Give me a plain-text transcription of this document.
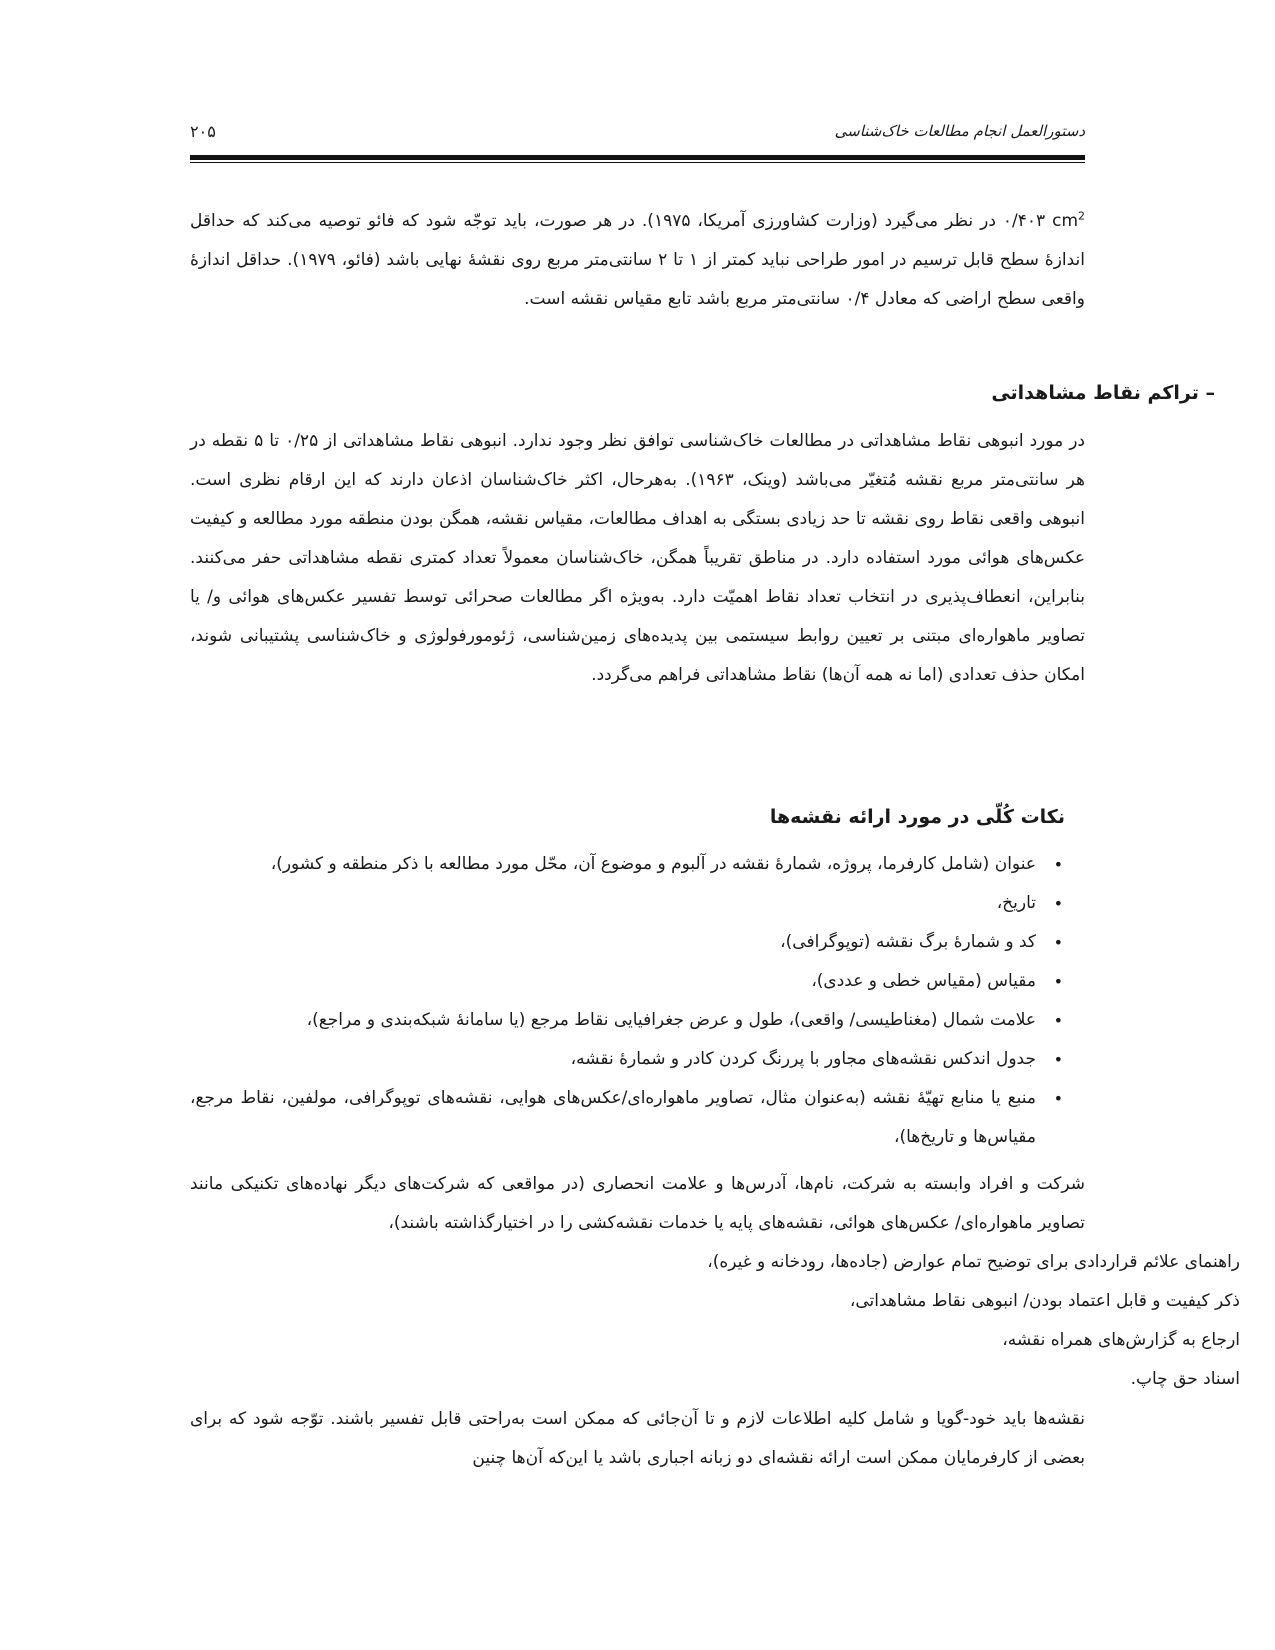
دستورالعمل انجام مطالعات خاک‌شناسی
۲۰۵
$cm^2$ ۰/۴۰۳ در نظر می‌گیرد (وزارت کشاورزی آمریکا، ۱۹۷۵). در هر صورت، باید توجّه شود که فائو توصیه می‌کند که حداقل اندازهٔ سطح قابل ترسیم در امور طراحی نباید کمتر از ۱ تا ۲ سانتی‌متر مربع روی نقشهٔ نهایی باشد (فائو، ۱۹۷۹). حداقل اندازهٔ واقعی سطح اراضی که معادل ۰/۴ سانتی‌متر مربع باشد تابع مقیاس نقشه است.
– تراکم نقاط مشاهداتی
در مورد انبوهی نقاط مشاهداتی در مطالعات خاک‌شناسی توافق نظر وجود ندارد. انبوهی نقاط مشاهداتی از ۰/۲۵ تا ۵ نقطه در هر سانتی‌متر مربع نقشه مُتغیّر می‌باشد (وینک، ۱۹۶۳). به‌هرحال، اکثر خاک‌شناسان اذعان دارند که این ارقام نظری است. انبوهی واقعی نقاط روی نقشه تا حد زیادی بستگی به اهداف مطالعات، مقیاس نقشه، همگن بودن منطقه مورد مطالعه و کیفیت عکس‌های هوائی مورد استفاده دارد. در مناطق تقریباً همگن، خاک‌شناسان معمولاً تعداد کمتری نقطه مشاهداتی حفر می‌کنند. بنابراین، انعطاف‌پذیری در انتخاب تعداد نقاط اهمیّت دارد. به‌ویژه اگر مطالعات صحرائی توسط تفسیر عکس‌های هوائی و/ یا تصاویر ماهواره‌ای مبتنی بر تعیین روابط سیستمی بین پدیده‌های زمین‌شناسی، ژئومورفولوژی و خاک‌شناسی پشتیبانی شوند، امکان حذف تعدادی (اما نه همه آن‌ها) نقاط مشاهداتی فراهم می‌گردد.
نکات کُلّی در مورد ارائه نقشه‌ها
• عنوان (شامل کارفرما، پروژه، شمارهٔ نقشه در آلبوم و موضوع آن، محّل مورد مطالعه با ذکر منطقه و کشور)،
• تاریخ،
• کد و شمارهٔ برگ نقشه (توپوگرافی)،
• مقیاس (مقیاس خطی و عددی)،
• علامت شمال (مغناطیسی/ واقعی)، طول و عرض جغرافیایی نقاط مرجع (یا سامانهٔ شبکه‌بندی و مراجع)،
• جدول اندکس نقشه‌های مجاور با پررنگ کردن کادر و شمارهٔ نقشه،
• منبع یا منابع تهیّهٔ نقشه (به‌عنوان مثال، تصاویر ماهواره‌ای/عکس‌های هوایی، نقشه‌های توپوگرافی، مولفین، نقاط مرجع، مقیاس‌ها و تاریخ‌ها)،
شرکت و افراد وابسته به شرکت، نام‌ها، آدرس‌ها و علامت انحصاری (در مواقعی که شرکت‌های دیگر نهاده‌های تکنیکی مانند تصاویر ماهواره‌ای/ عکس‌های هوائی، نقشه‌های پایه یا خدمات نقشه‌کشی را در اختیارگذاشته باشند)،
راهنمای علائم قراردادی برای توضیح تمام عوارض (جاده‌ها، رودخانه و غیره)،
ذکر کیفیت و قابل اعتماد بودن/ انبوهی نقاط مشاهداتی،
ارجاع به گزارش‌های همراه نقشه،
اسناد حق چاپ.
نقشه‌ها باید خود-گویا و شامل کلیه اطلاعات لازم و تا آن‌جائی که ممکن است به‌راحتی قابل تفسیر باشند. توّجه شود که برای بعضی از کارفرمایان ممکن است ارائه نقشه‌ای دو زبانه اجباری باشد یا این‌که آن‌ها چنین
